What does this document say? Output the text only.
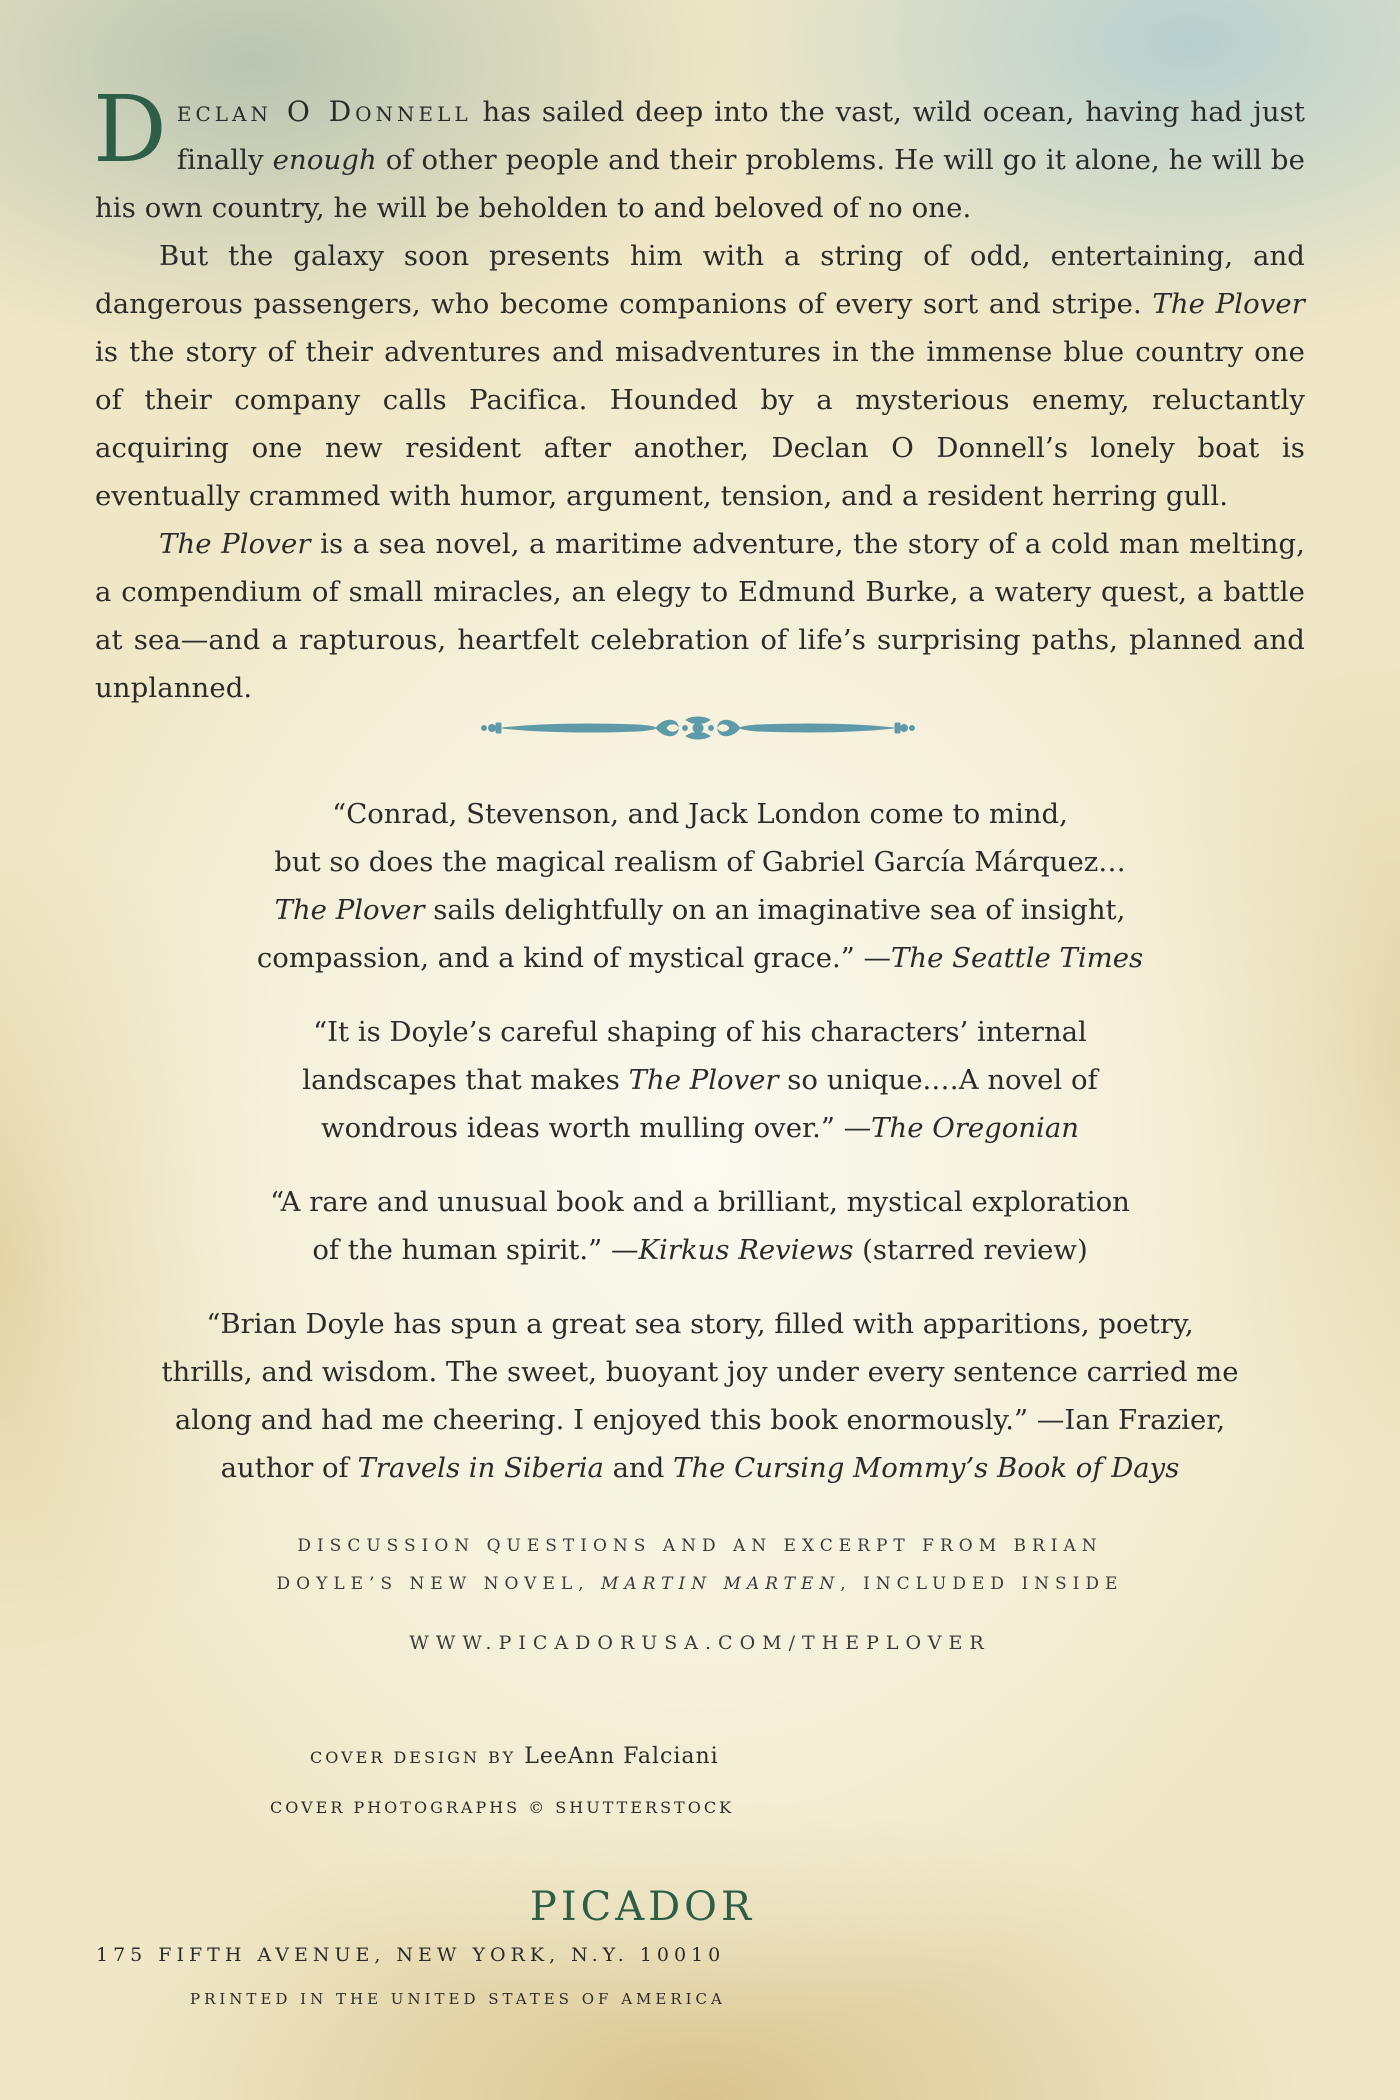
Declan O Donnell has sailed deep into the vast, wild ocean, having had just finally enough of other people and their problems. He will go it alone, he will be his own country, he will be beholden to and beloved of no one.

But the galaxy soon presents him with a string of odd, entertaining, and dangerous passengers, who become companions of every sort and stripe. The Plover is the story of their adventures and misadventures in the immense blue country one of their company calls Pacifica. Hounded by a mysterious enemy, reluctantly acquiring one new resident after another, Declan O Donnell’s lonely boat is eventually crammed with humor, argument, tension, and a resident herring gull.

The Plover is a sea novel, a maritime adventure, the story of a cold man melting, a compendium of small miracles, an elegy to Edmund Burke, a watery quest, a battle at sea—and a rapturous, heartfelt celebration of life’s surprising paths, planned and unplanned.

“Conrad, Stevenson, and Jack London come to mind,
but so does the magical realism of Gabriel García Márquez…
The Plover sails delightfully on an imaginative sea of insight,
compassion, and a kind of mystical grace.” —The Seattle Times
“It is Doyle’s careful shaping of his characters’ internal
landscapes that makes The Plover so unique.…A novel of
wondrous ideas worth mulling over.” —The Oregonian
“A rare and unusual book and a brilliant, mystical exploration
of the human spirit.” —Kirkus Reviews (starred review)
“Brian Doyle has spun a great sea story, filled with apparitions, poetry,
thrills, and wisdom. The sweet, buoyant joy under every sentence carried me
along and had me cheering. I enjoyed this book enormously.” —Ian Frazier,
author of Travels in Siberia and The Cursing Mommy’s Book of Days
DISCUSSION QUESTIONS AND AN EXCERPT FROM BRIAN
DOYLE’S NEW NOVEL, MARTIN MARTEN, INCLUDED INSIDE
WWW.PICADORUSA.COM/THEPLOVER
COVER DESIGN BY LeeAnn Falciani
COVER PHOTOGRAPHS © SHUTTERSTOCK
PICADOR
175 FIFTH AVENUE, NEW YORK, N.Y. 10010
PRINTED IN THE UNITED STATES OF AMERICA
